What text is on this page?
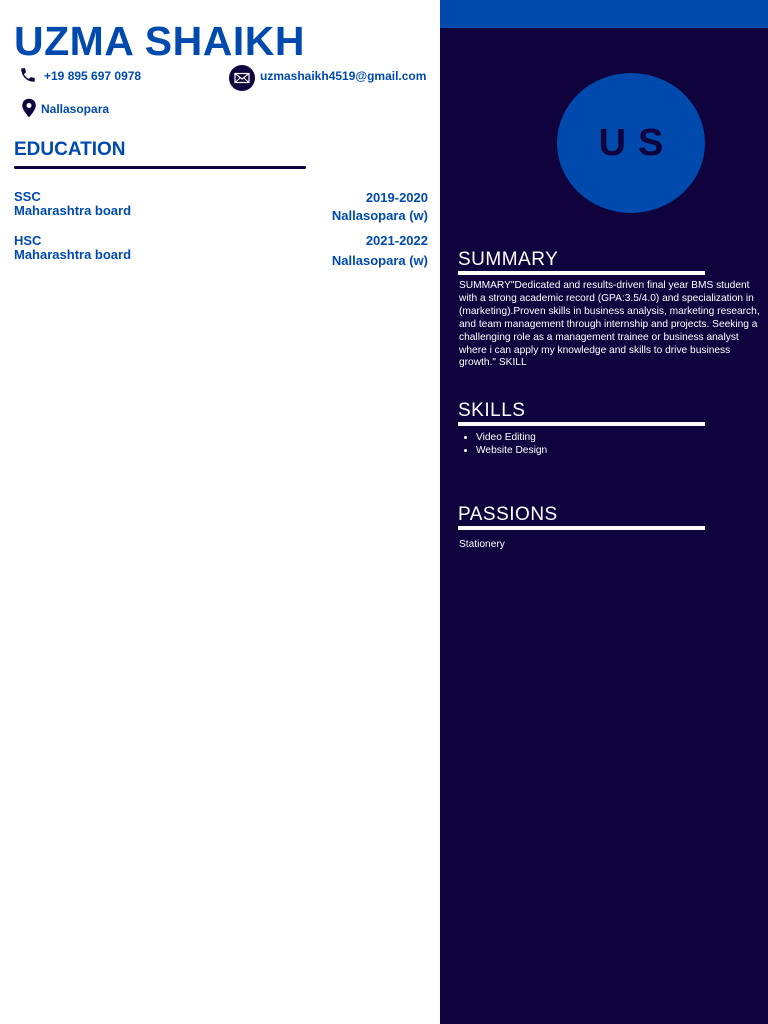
UZMA SHAIKH
+19 895 697 0978	uzmashaikh4519@gmail.com
Nallasopara
EDUCATION
SSC
Maharashtra board
2019-2020
Nallasopara (w)
HSC
Maharashtra board
2021-2022
Nallasopara (w)
US
SUMMARY
SUMMARY"Dedicated and results-driven final year BMS student with a strong academic record (GPA:3.5/4.0) and specialization in (marketing).Proven skills in business analysis, marketing research, and team management through internship and projects. Seeking a challenging role as a management trainee or business analyst where i can apply my knowledge and skills to drive business growth." SKILL
SKILLS
• Video Editing
• Website Design
PASSIONS
Stationery
